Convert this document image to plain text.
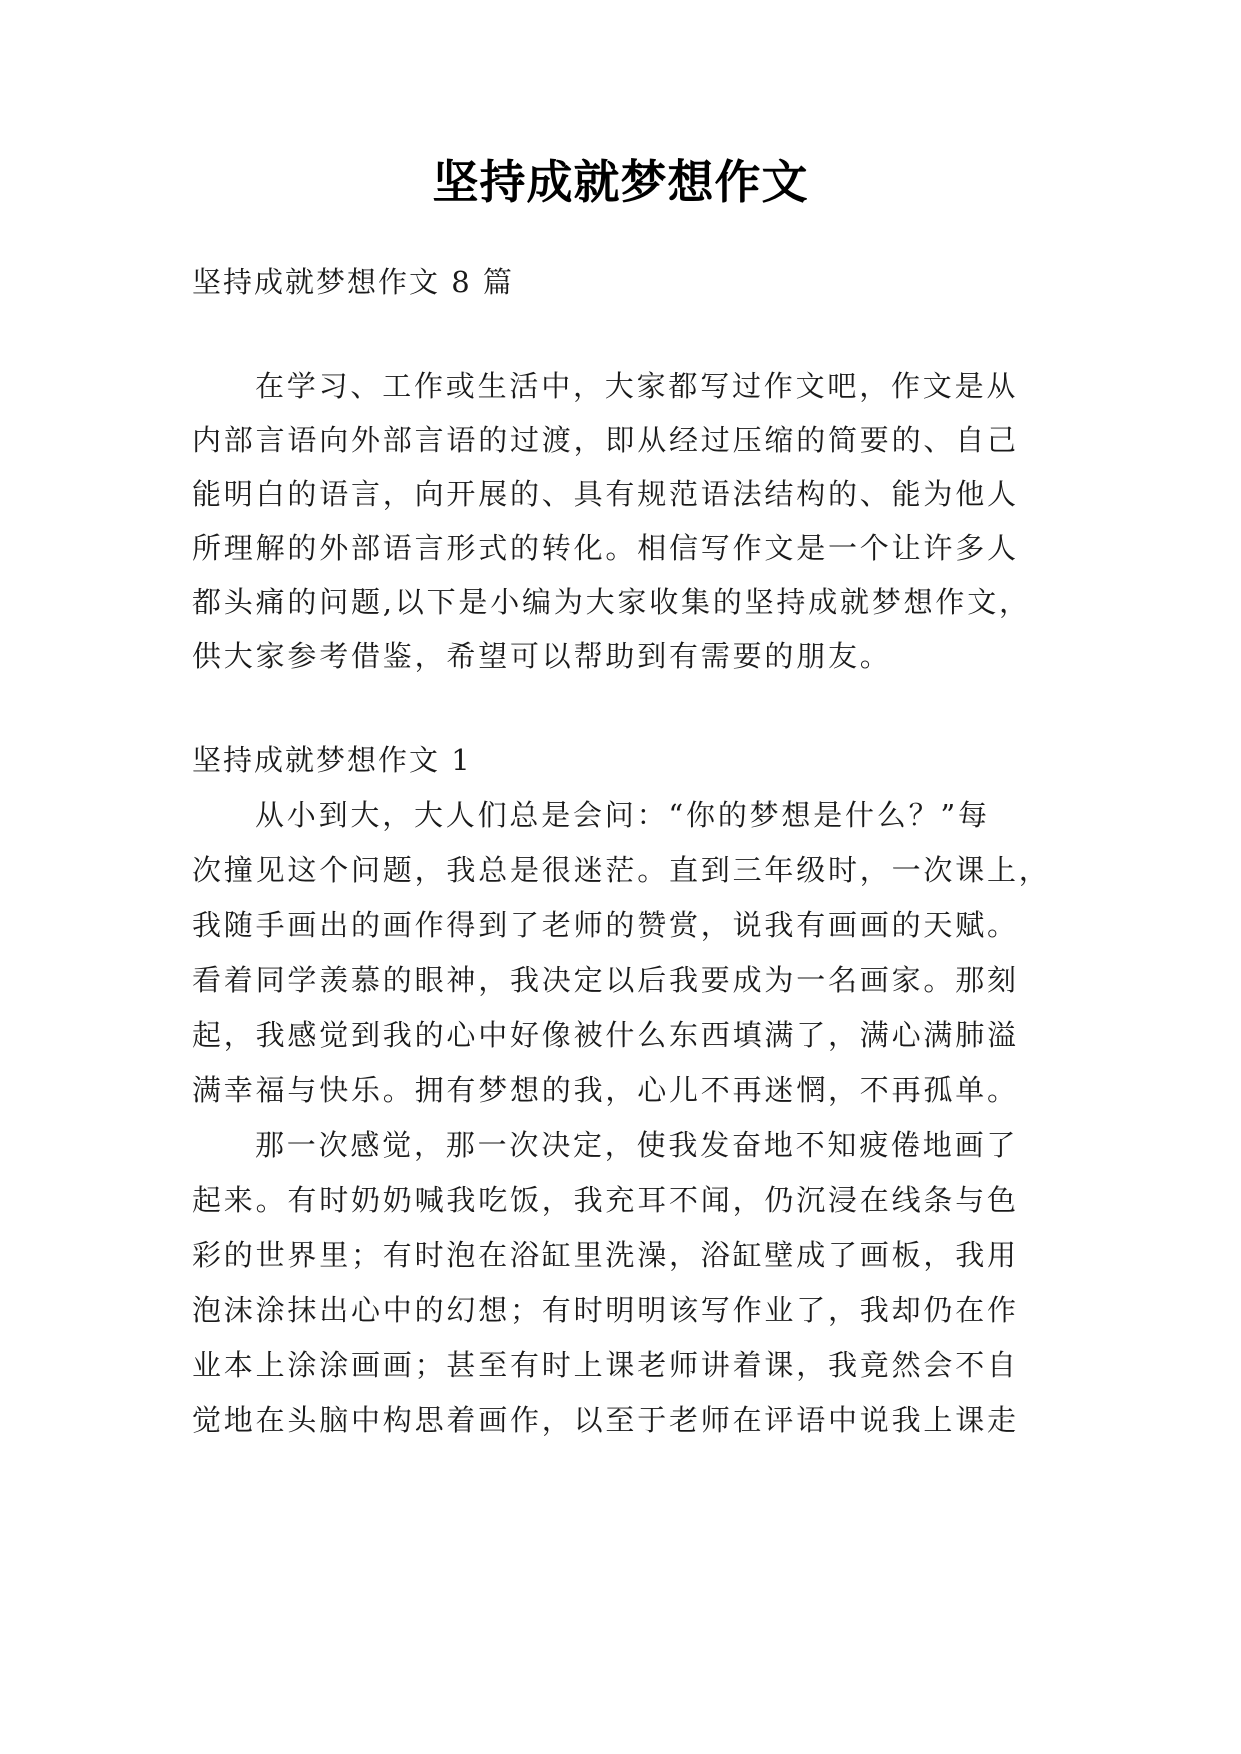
坚持成就梦想作文
坚持成就梦想作文 8 篇
在学习、工作或生活中，大家都写过作文吧，作文是从
内部言语向外部言语的过渡，即从经过压缩的简要的、自己
能明白的语言，向开展的、具有规范语法结构的、能为他人
所理解的外部语言形式的转化。相信写作文是一个让许多人
都头痛的问题,以下是小编为大家收集的坚持成就梦想作文，
供大家参考借鉴，希望可以帮助到有需要的朋友。
坚持成就梦想作文 1
从小到大，大人们总是会问：“你的梦想是什么？”每
次撞见这个问题，我总是很迷茫。直到三年级时，一次课上，
我随手画出的画作得到了老师的赞赏，说我有画画的天赋。
看着同学羡慕的眼神，我决定以后我要成为一名画家。那刻
起，我感觉到我的心中好像被什么东西填满了，满心满肺溢
满幸福与快乐。拥有梦想的我，心儿不再迷惘，不再孤单。
那一次感觉，那一次决定，使我发奋地不知疲倦地画了
起来。有时奶奶喊我吃饭，我充耳不闻，仍沉浸在线条与色
彩的世界里；有时泡在浴缸里洗澡，浴缸壁成了画板，我用
泡沫涂抹出心中的幻想；有时明明该写作业了，我却仍在作
业本上涂涂画画；甚至有时上课老师讲着课，我竟然会不自
觉地在头脑中构思着画作，以至于老师在评语中说我上课走
